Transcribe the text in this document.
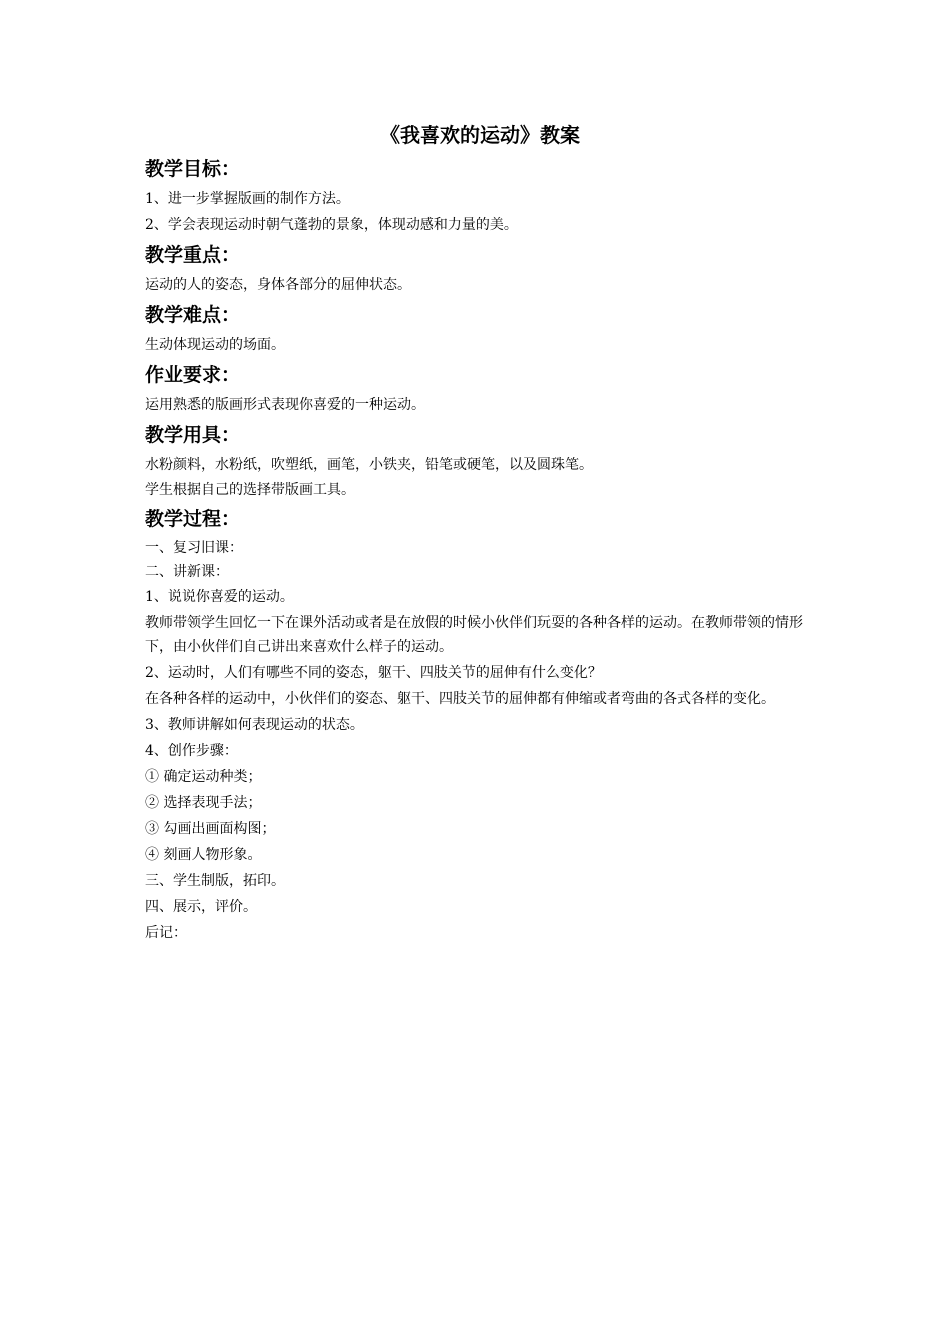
《我喜欢的运动》教案
教学目标：

1、进一步掌握版画的制作方法。

2、学会表现运动时朝气蓬勃的景象，体现动感和力量的美。

教学重点：

运动的人的姿态，身体各部分的屈伸状态。

教学难点：

生动体现运动的场面。

作业要求：

运用熟悉的版画形式表现你喜爱的一种运动。

教学用具：

水粉颜料，水粉纸，吹塑纸，画笔，小铁夹，铅笔或硬笔，以及圆珠笔。

学生根据自己的选择带版画工具。

教学过程：

一、复习旧课：

二、讲新课：

1、说说你喜爱的运动。

教师带领学生回忆一下在课外活动或者是在放假的时候小伙伴们玩耍的各种各样的运动。在教师带领的情形下，由小伙伴们自己讲出来喜欢什么样子的运动。

2、运动时，人们有哪些不同的姿态，躯干、四肢关节的屈伸有什么变化？

在各种各样的运动中，小伙伴们的姿态、躯干、四肢关节的屈伸都有伸缩或者弯曲的各式各样的变化。

3、教师讲解如何表现运动的状态。

4、创作步骤：

① 确定运动种类；

② 选择表现手法；

③ 勾画出画面构图；

④ 刻画人物形象。

三、学生制版，拓印。

四、展示，评价。

后记：
